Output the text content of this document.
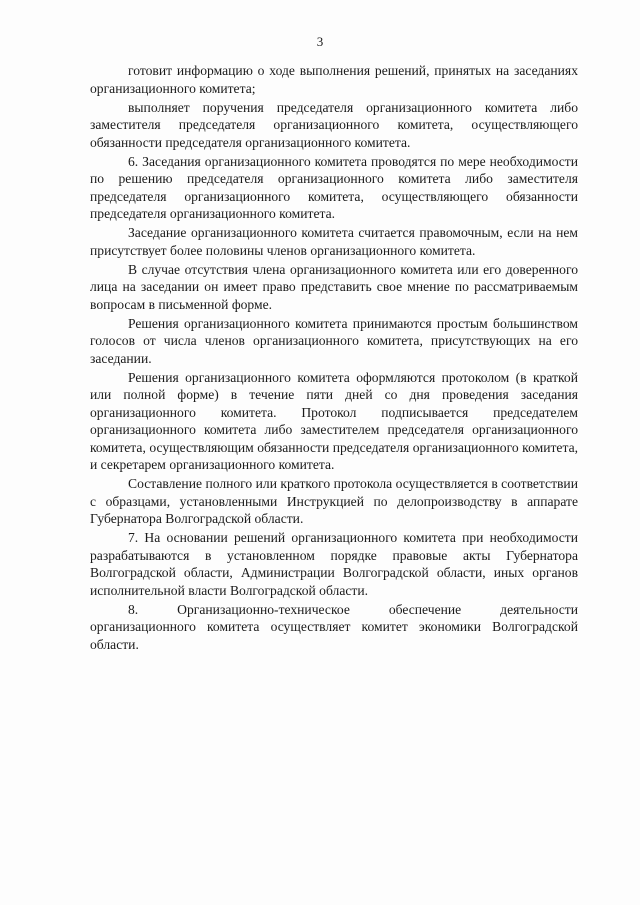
3

готовит информацию о ходе выполнения решений, принятых на заседаниях организационного комитета;

выполняет поручения председателя организационного комитета либо заместителя председателя организационного комитета, осуществляющего обязанности председателя организационного комитета.

6. Заседания организационного комитета проводятся по мере необходимости по решению председателя организационного комитета либо заместителя председателя организационного комитета, осуществляющего обязанности председателя организационного комитета.

Заседание организационного комитета считается правомочным, если на нем присутствует более половины членов организационного комитета.

В случае отсутствия члена организационного комитета или его доверенного лица на заседании он имеет право представить свое мнение по рассматриваемым вопросам в письменной форме.

Решения организационного комитета принимаются простым большинством голосов от числа членов организационного комитета, присутствующих на его заседании.

Решения организационного комитета оформляются протоколом (в краткой или полной форме) в течение пяти дней со дня проведения заседания организационного комитета. Протокол подписывается председателем организационного комитета либо заместителем председателя организационного комитета, осуществляющим обязанности председателя организационного комитета, и секретарем организационного комитета.

Составление полного или краткого протокола осуществляется в соответствии с образцами, установленными Инструкцией по делопроизводству в аппарате Губернатора Волгоградской области.

7. На основании решений организационного комитета при необходимости разрабатываются в установленном порядке правовые акты Губернатора Волгоградской области, Администрации Волгоградской области, иных органов исполнительной власти Волгоградской области.

8. Организационно-техническое обеспечение деятельности организационного комитета осуществляет комитет экономики Волгоградской области.
